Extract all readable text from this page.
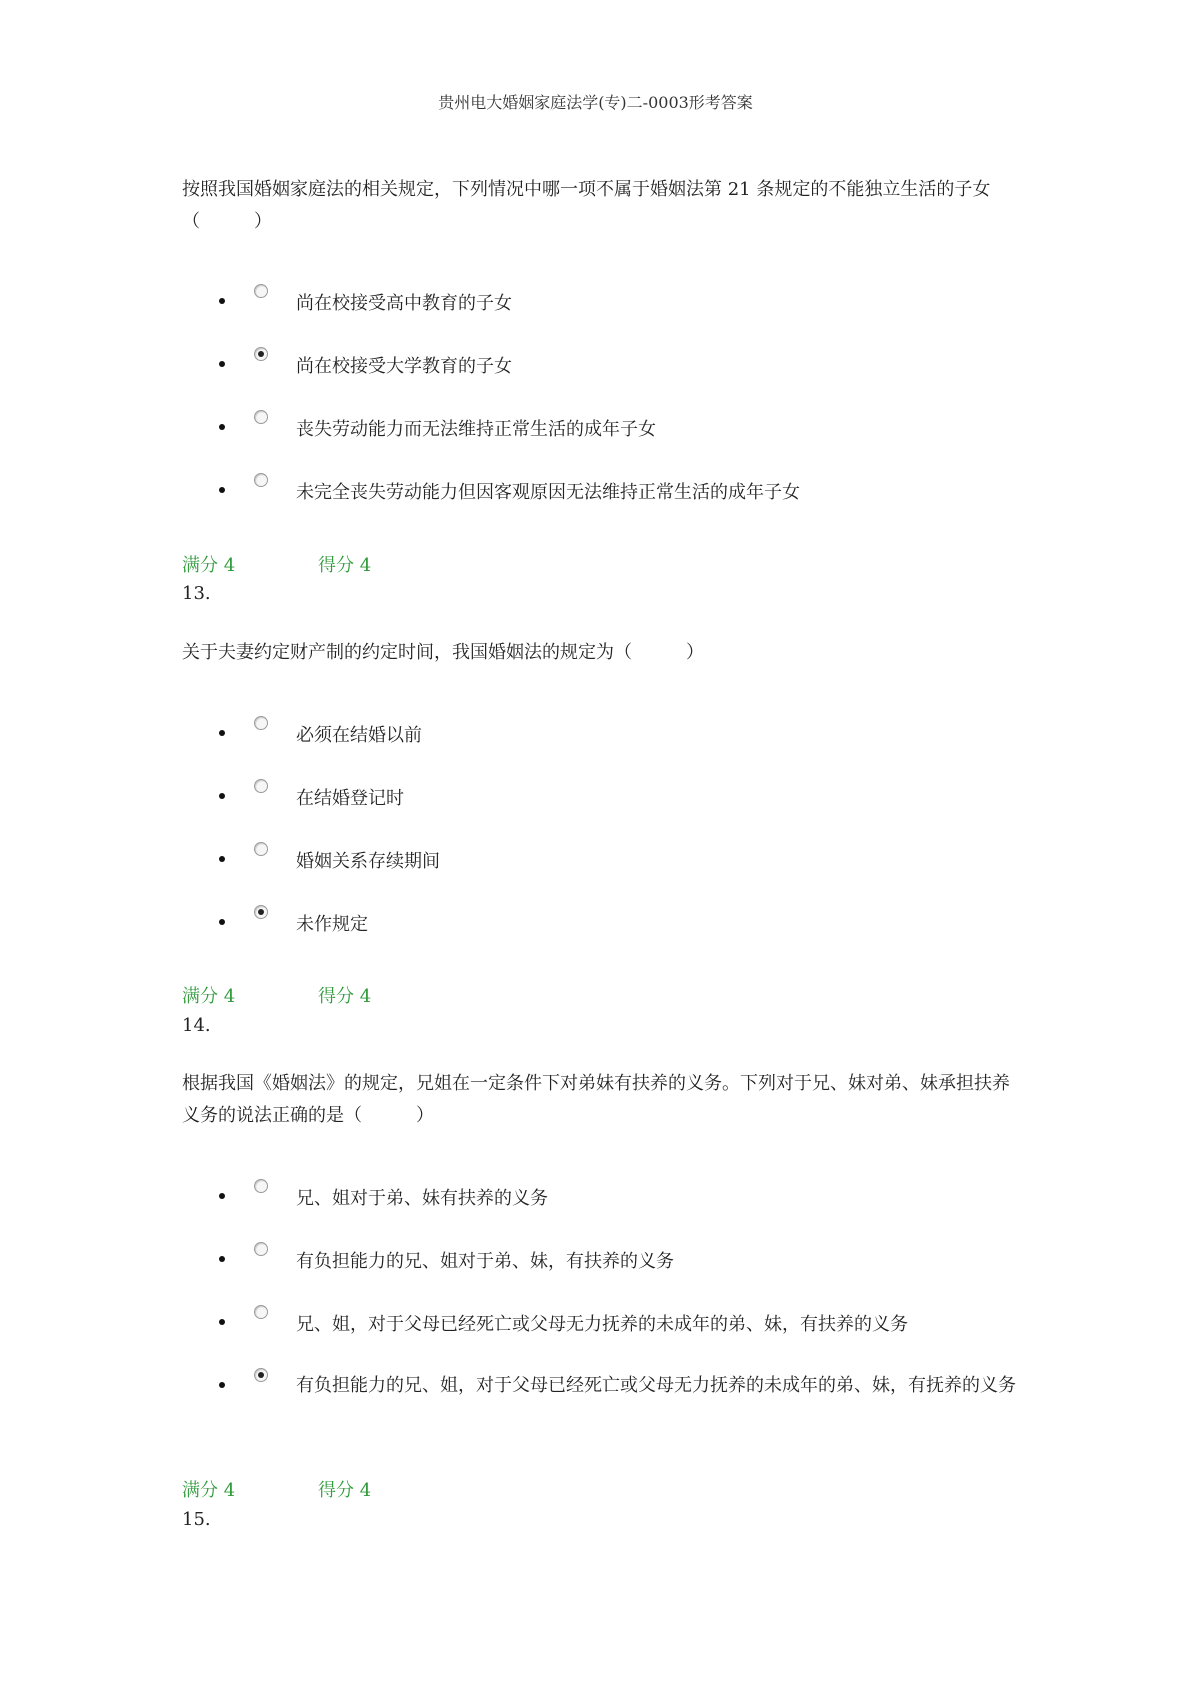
贵州电大婚姻家庭法学(专)二-0003形考答案

按照我国婚姻家庭法的相关规定，下列情况中哪一项不属于婚姻法第 21 条规定的不能独立生活的子女（　　　）

尚在校接受高中教育的子女
尚在校接受大学教育的子女
丧失劳动能力而无法维持正常生活的成年子女
未完全丧失劳动能力但因客观原因无法维持正常生活的成年子女
满分 4	得分 4
13.

关于夫妻约定财产制的约定时间，我国婚姻法的规定为（　　　）

必须在结婚以前
在结婚登记时
婚姻关系存续期间
未作规定
满分 4	得分 4
14.

根据我国《婚姻法》的规定，兄姐在一定条件下对弟妹有扶养的义务。下列对于兄、妹对弟、妹承担扶养义务的说法正确的是（　　　）

兄、姐对于弟、妹有扶养的义务
有负担能力的兄、姐对于弟、妹，有扶养的义务
兄、姐，对于父母已经死亡或父母无力抚养的未成年的弟、妹，有扶养的义务
有负担能力的兄、姐，对于父母已经死亡或父母无力抚养的未成年的弟、妹，有抚养的义务
满分 4	得分 4
15.
